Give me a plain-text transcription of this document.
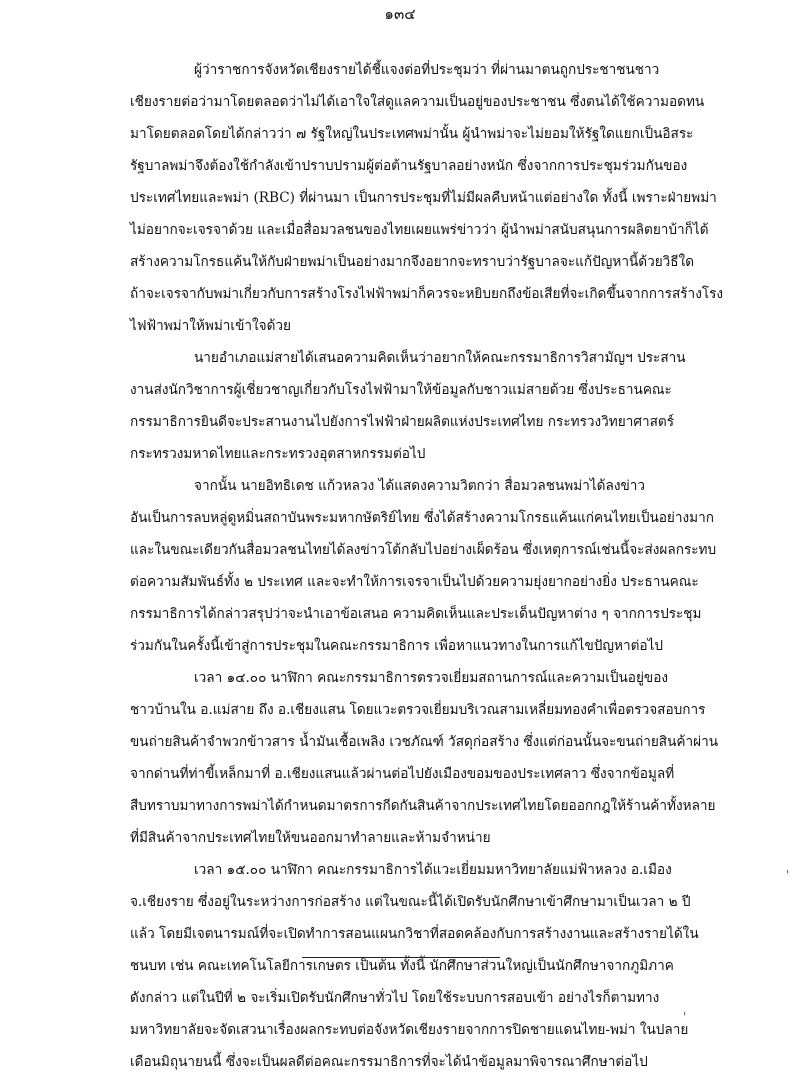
๑๓๔
ผู้ว่าราชการจังหวัดเชียงรายได้ชี้แจงต่อที่ประชุมว่า ที่ผ่านมาตนถูกประชาชนชาว
เชียงรายต่อว่ามาโดยตลอดว่าไม่ได้เอาใจใส่ดูแลความเป็นอยู่ของประชาชน ซึ่งตนได้ใช้ความอดทน
มาโดยตลอดโดยได้กล่าวว่า ๗ รัฐใหญ่ในประเทศพม่านั้น ผู้นำพม่าจะไม่ยอมให้รัฐใดแยกเป็นอิสระ
รัฐบาลพม่าจึงต้องใช้กำลังเข้าปราบปรามผู้ต่อต้านรัฐบาลอย่างหนัก ซึ่งจากการประชุมร่วมกันของ
ประเทศไทยและพม่า (RBC) ที่ผ่านมา เป็นการประชุมที่ไม่มีผลคืบหน้าแต่อย่างใด ทั้งนี้ เพราะฝ่ายพม่า
ไม่อยากจะเจรจาด้วย และเมื่อสื่อมวลชนของไทยเผยแพร่ข่าวว่า ผู้นำพม่าสนับสนุนการผลิตยาบ้าก็ได้
สร้างความโกรธแค้นให้กับฝ่ายพม่าเป็นอย่างมากจึงอยากจะทราบว่ารัฐบาลจะแก้ปัญหานี้ด้วยวิธีใด
ถ้าจะเจรจากับพม่าเกี่ยวกับการสร้างโรงไฟฟ้าพม่าก็ควรจะหยิบยกถึงข้อเสียที่จะเกิดขึ้นจากการสร้างโรง
ไฟฟ้าพม่าให้พม่าเข้าใจด้วย
นายอำเภอแม่สายได้เสนอความคิดเห็นว่าอยากให้คณะกรรมาธิการวิสามัญฯ ประสาน
งานส่งนักวิชาการผู้เชี่ยวชาญเกี่ยวกับโรงไฟฟ้ามาให้ข้อมูลกับชาวแม่สายด้วย ซึ่งประธานคณะ
กรรมาธิการยินดีจะประสานงานไปยังการไฟฟ้าฝ่ายผลิตแห่งประเทศไทย กระทรวงวิทยาศาสตร์
กระทรวงมหาดไทยและกระทรวงอุตสาหกรรมต่อไป
จากนั้น นายอิทธิเดช แก้วหลวง ได้แสดงความวิตกว่า สื่อมวลชนพม่าได้ลงข่าว
อันเป็นการลบหลู่ดูหมิ่นสถาบันพระมหากษัตริย์ไทย ซึ่งได้สร้างความโกรธแค้นแก่คนไทยเป็นอย่างมาก
และในขณะเดียวกันสื่อมวลชนไทยได้ลงข่าวโต้กลับไปอย่างเผ็ดร้อน ซึ่งเหตุการณ์เช่นนี้จะส่งผลกระทบ
ต่อความสัมพันธ์ทั้ง ๒ ประเทศ และจะทำให้การเจรจาเป็นไปด้วยความยุ่งยากอย่างยิ่ง ประธานคณะ
กรรมาธิการได้กล่าวสรุปว่าจะนำเอาข้อเสนอ ความคิดเห็นและประเด็นปัญหาต่าง ๆ จากการประชุม
ร่วมกันในครั้งนี้เข้าสู่การประชุมในคณะกรรมาธิการ เพื่อหาแนวทางในการแก้ไขปัญหาต่อไป
เวลา ๑๔.๐๐ นาฬิกา คณะกรรมาธิการตรวจเยี่ยมสถานการณ์และความเป็นอยู่ของ
ชาวบ้านใน อ.แม่สาย ถึง อ.เชียงแสน โดยแวะตรวจเยี่ยมบริเวณสามเหลี่ยมทองคำเพื่อตรวจสอบการ
ขนถ่ายสินค้าจำพวกข้าวสาร น้ำมันเชื้อเพลิง เวชภัณฑ์ วัสดุก่อสร้าง ซึ่งแต่ก่อนนั้นจะขนถ่ายสินค้าผ่าน
จากด่านที่ท่าขี้เหล็กมาที่ อ.เชียงแสนแล้วผ่านต่อไปยังเมืองขอมของประเทศลาว ซึ่งจากข้อมูลที่
สืบทราบมาทางการพม่าได้กำหนดมาตรการกีดกันสินค้าจากประเทศไทยโดยออกกฎให้ร้านค้าทั้งหลาย
ที่มีสินค้าจากประเทศไทยให้ขนออกมาทำลายและห้ามจำหน่าย
เวลา ๑๕.๐๐ นาฬิกา คณะกรรมาธิการได้แวะเยี่ยมมหาวิทยาลัยแม่ฟ้าหลวง อ.เมือง
จ.เชียงราย ซึ่งอยู่ในระหว่างการก่อสร้าง แต่ในขณะนี้ได้เปิดรับนักศึกษาเข้าศึกษามาเป็นเวลา ๒ ปี
แล้ว โดยมีเจตนารมณ์ที่จะเปิดทำการสอนแผนกวิชาที่สอดคล้องกับการสร้างงานและสร้างรายได้ใน
ชนบท เช่น คณะเทคโนโลยีการเกษตร เป็นต้น ทั้งนี้ นักศึกษาส่วนใหญ่เป็นนักศึกษาจากภูมิภาค
ดังกล่าว แต่ในปีที่ ๒ จะเริ่มเปิดรับนักศึกษาทั่วไป โดยใช้ระบบการสอบเข้า อย่างไรก็ตามทาง
มหาวิทยาลัยจะจัดเสวนาเรื่องผลกระทบต่อจังหวัดเชียงรายจากการปิดชายแดนไทย-พม่า ในปลาย
เดือนมิถุนายนนี้ ซึ่งจะเป็นผลดีต่อคณะกรรมาธิการที่จะได้นำข้อมูลมาพิจารณาศึกษาต่อไป
'
'
